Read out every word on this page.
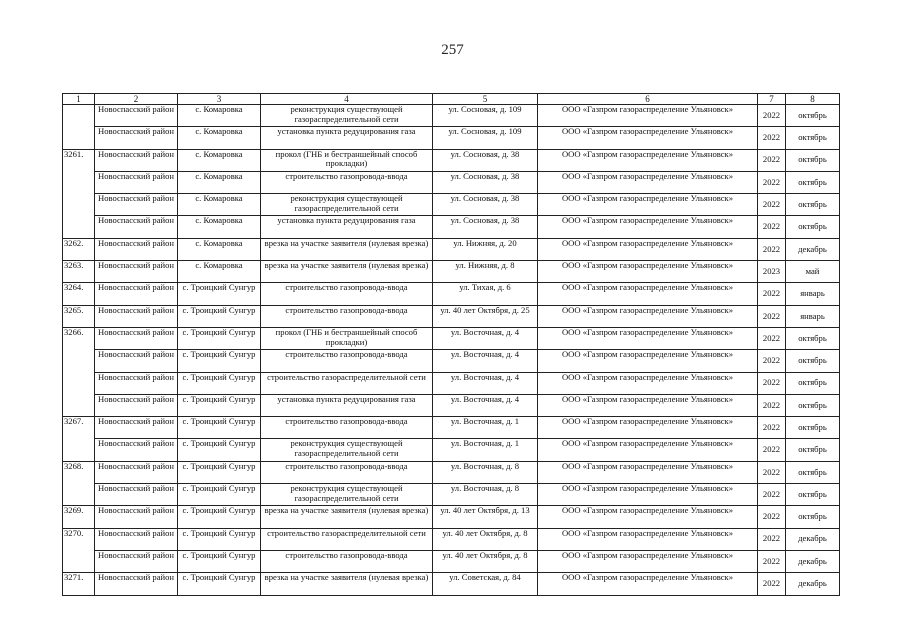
257
1	2	3	4	5	6	7	8
	Новоспасский район	с. Комаровка	реконструкция существующей газораспределительной сети	ул. Сосновая, д. 109	ООО «Газпром газораспределение Ульяновск»	2022	октябрь
	Новоспасский район	с. Комаровка	установка пункта редуцирования газа	ул. Сосновая, д. 109	ООО «Газпром газораспределение Ульяновск»	2022	октябрь
3261.	Новоспасский район	с. Комаровка	прокол (ГНБ и бестраншейный способ прокладки)	ул. Сосновая, д. 38	ООО «Газпром газораспределение Ульяновск»	2022	октябрь
	Новоспасский район	с. Комаровка	строительство газопровода-ввода	ул. Сосновая, д. 38	ООО «Газпром газораспределение Ульяновск»	2022	октябрь
	Новоспасский район	с. Комаровка	реконструкция существующей газораспределительной сети	ул. Сосновая, д. 38	ООО «Газпром газораспределение Ульяновск»	2022	октябрь
	Новоспасский район	с. Комаровка	установка пункта редуцирования газа	ул. Сосновая, д. 38	ООО «Газпром газораспределение Ульяновск»	2022	октябрь
3262.	Новоспасский район	с. Комаровка	врезка на участке заявителя (нулевая врезка)	ул. Нижняя, д. 20	ООО «Газпром газораспределение Ульяновск»	2022	декабрь
3263.	Новоспасский район	с. Комаровка	врезка на участке заявителя (нулевая врезка)	ул. Нижняя, д. 8	ООО «Газпром газораспределение Ульяновск»	2023	май
3264.	Новоспасский район	с. Троицкий Сунгур	строительство газопровода-ввода	ул. Тихая, д. 6	ООО «Газпром газораспределение Ульяновск»	2022	январь
3265.	Новоспасский район	с. Троицкий Сунгур	строительство газопровода-ввода	ул. 40 лет Октября, д. 25	ООО «Газпром газораспределение Ульяновск»	2022	январь
3266.	Новоспасский район	с. Троицкий Сунгур	прокол (ГНБ и бестраншейный способ прокладки)	ул. Восточная, д. 4	ООО «Газпром газораспределение Ульяновск»	2022	октябрь
	Новоспасский район	с. Троицкий Сунгур	строительство газопровода-ввода	ул. Восточная, д. 4	ООО «Газпром газораспределение Ульяновск»	2022	октябрь
	Новоспасский район	с. Троицкий Сунгур	строительство газораспределительной сети	ул. Восточная, д. 4	ООО «Газпром газораспределение Ульяновск»	2022	октябрь
	Новоспасский район	с. Троицкий Сунгур	установка пункта редуцирования газа	ул. Восточная, д. 4	ООО «Газпром газораспределение Ульяновск»	2022	октябрь
3267.	Новоспасский район	с. Троицкий Сунгур	строительство газопровода-ввода	ул. Восточная, д. 1	ООО «Газпром газораспределение Ульяновск»	2022	октябрь
	Новоспасский район	с. Троицкий Сунгур	реконструкция существующей газораспределительной сети	ул. Восточная, д. 1	ООО «Газпром газораспределение Ульяновск»	2022	октябрь
3268.	Новоспасский район	с. Троицкий Сунгур	строительство газопровода-ввода	ул. Восточная, д. 8	ООО «Газпром газораспределение Ульяновск»	2022	октябрь
	Новоспасский район	с. Троицкий Сунгур	реконструкция существующей газораспределительной сети	ул. Восточная, д. 8	ООО «Газпром газораспределение Ульяновск»	2022	октябрь
3269.	Новоспасский район	с. Троицкий Сунгур	врезка на участке заявителя (нулевая врезка)	ул. 40 лет Октября, д. 13	ООО «Газпром газораспределение Ульяновск»	2022	октябрь
3270.	Новоспасский район	с. Троицкий Сунгур	строительство газораспределительной сети	ул. 40 лет Октября, д. 8	ООО «Газпром газораспределение Ульяновск»	2022	декабрь
	Новоспасский район	с. Троицкий Сунгур	строительство газопровода-ввода	ул. 40 лет Октября, д. 8	ООО «Газпром газораспределение Ульяновск»	2022	декабрь
3271.	Новоспасский район	с. Троицкий Сунгур	врезка на участке заявителя (нулевая врезка)	ул. Советская, д. 84	ООО «Газпром газораспределение Ульяновск»	2022	декабрь
